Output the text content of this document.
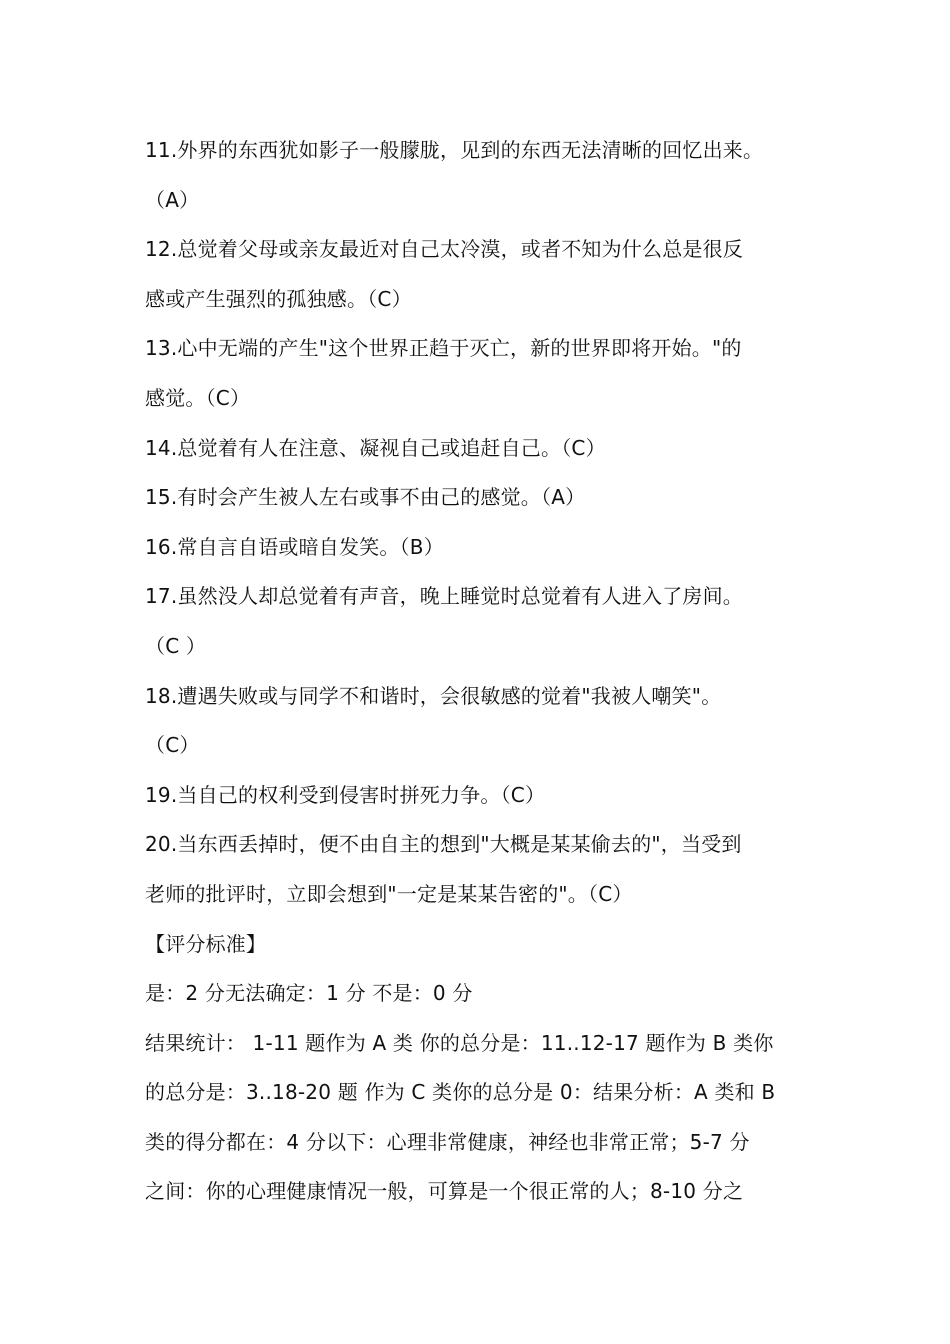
11.外界的东西犹如影子一般朦胧，见到的东西无法清晰的回忆出来。
（A）
12.总觉着父母或亲友最近对自己太冷漠，或者不知为什么总是很反
感或产生强烈的孤独感。（C）
13.心中无端的产生"这个世界正趋于灭亡，新的世界即将开始。"的
感觉。（C）
14.总觉着有人在注意、凝视自己或追赶自己。（C）
15.有时会产生被人左右或事不由己的感觉。（A）
16.常自言自语或暗自发笑。（B）
17.虽然没人却总觉着有声音，晚上睡觉时总觉着有人进入了房间。
（C ）
18.遭遇失败或与同学不和谐时，会很敏感的觉着"我被人嘲笑"。
（C）
19.当自己的权利受到侵害时拼死力争。（C）
20.当东西丢掉时，便不由自主的想到"大概是某某偷去的"，当受到
老师的批评时，立即会想到"一定是某某告密的"。（C）
【评分标准】
是：2 分无法确定：1 分 不是：0 分
结果统计： 1-11 题作为 A 类 你的总分是：11..12-17 题作为 B 类你
的总分是：3..18-20 题 作为 C 类你的总分是 0：结果分析：A 类和 B
类的得分都在：4 分以下：心理非常健康，神经也非常正常；5-7 分
之间：你的心理健康情况一般，可算是一个很正常的人；8-10 分之
